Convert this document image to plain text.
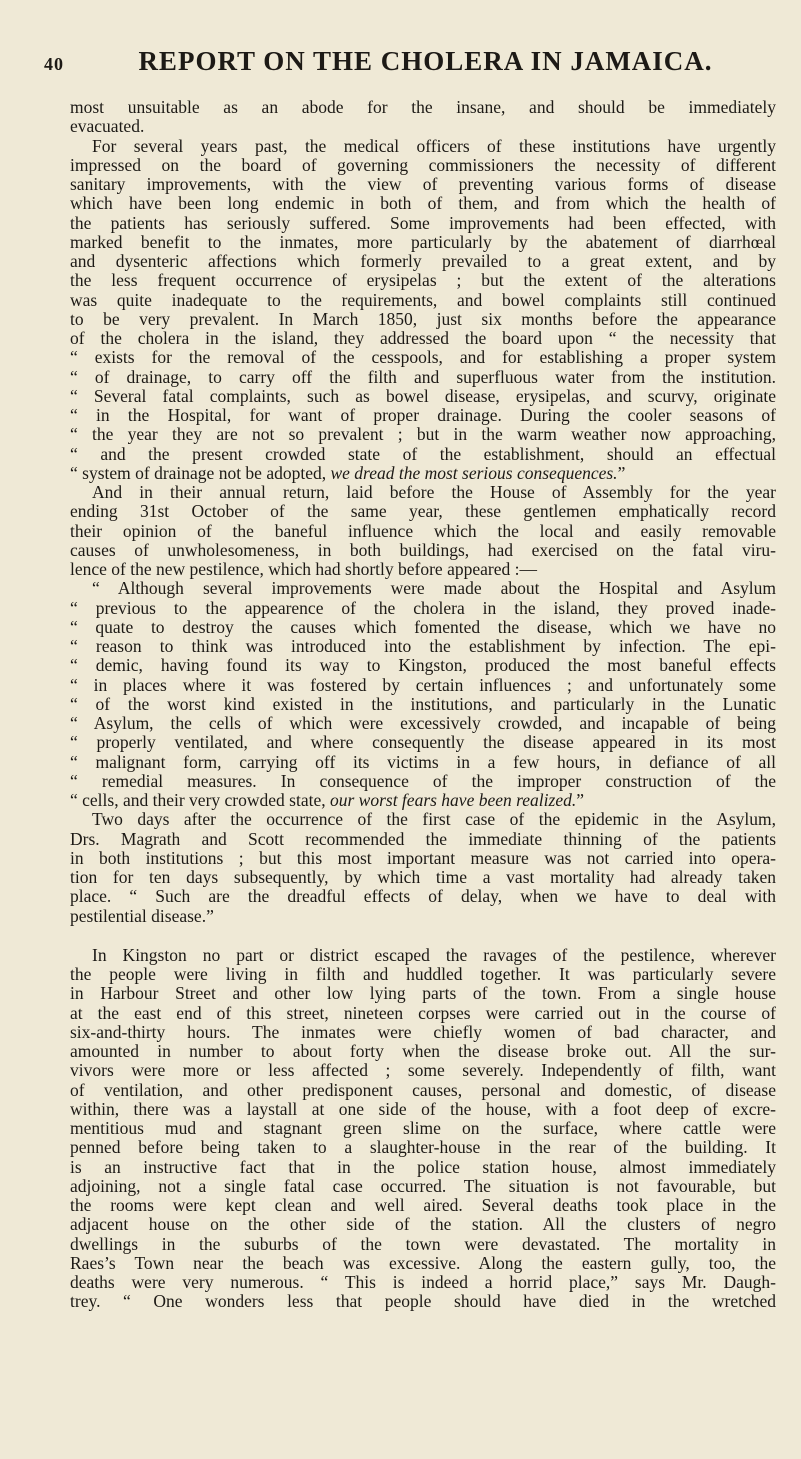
40	REPORT ON THE CHOLERA IN JAMAICA.
most unsuitable as an abode for the insane, and should be immediately
evacuated.
For several years past, the medical officers of these institutions have urgently
impressed on the board of governing commissioners the necessity of different
sanitary improvements, with the view of preventing various forms of disease
which have been long endemic in both of them, and from which the health of
the patients has seriously suffered. Some improvements had been effected, with
marked benefit to the inmates, more particularly by the abatement of diarrhœal
and dysenteric affections which formerly prevailed to a great extent, and by
the less frequent occurrence of erysipelas ; but the extent of the alterations
was quite inadequate to the requirements, and bowel complaints still continued
to be very prevalent. In March 1850, just six months before the appearance
of the cholera in the island, they addressed the board upon “ the necessity that
“ exists for the removal of the cesspools, and for establishing a proper system
“ of drainage, to carry off the filth and superfluous water from the institution.
“ Several fatal complaints, such as bowel disease, erysipelas, and scurvy, originate
“ in the Hospital, for want of proper drainage. During the cooler seasons of
“ the year they are not so prevalent ; but in the warm weather now approaching,
“ and the present crowded state of the establishment, should an effectual
“ system of drainage not be adopted, we dread the most serious consequences.”
And in their annual return, laid before the House of Assembly for the year
ending 31st October of the same year, these gentlemen emphatically record
their opinion of the baneful influence which the local and easily removable
causes of unwholesomeness, in both buildings, had exercised on the fatal viru-
lence of the new pestilence, which had shortly before appeared :—
“ Although several improvements were made about the Hospital and Asylum
“ previous to the appearence of the cholera in the island, they proved inade-
“ quate to destroy the causes which fomented the disease, which we have no
“ reason to think was introduced into the establishment by infection. The epi-
“ demic, having found its way to Kingston, produced the most baneful effects
“ in places where it was fostered by certain influences ; and unfortunately some
“ of the worst kind existed in the institutions, and particularly in the Lunatic
“ Asylum, the cells of which were excessively crowded, and incapable of being
“ properly ventilated, and where consequently the disease appeared in its most
“ malignant form, carrying off its victims in a few hours, in defiance of all
“ remedial measures. In consequence of the improper construction of the
“ cells, and their very crowded state, our worst fears have been realized.”
Two days after the occurrence of the first case of the epidemic in the Asylum,
Drs. Magrath and Scott recommended the immediate thinning of the patients
in both institutions ; but this most important measure was not carried into opera-
tion for ten days subsequently, by which time a vast mortality had already taken
place. “ Such are the dreadful effects of delay, when we have to deal with
pestilential disease.”
In Kingston no part or district escaped the ravages of the pestilence, wherever
the people were living in filth and huddled together. It was particularly severe
in Harbour Street and other low lying parts of the town. From a single house
at the east end of this street, nineteen corpses were carried out in the course of
six-and-thirty hours. The inmates were chiefly women of bad character, and
amounted in number to about forty when the disease broke out. All the sur-
vivors were more or less affected ; some severely. Independently of filth, want
of ventilation, and other predisponent causes, personal and domestic, of disease
within, there was a laystall at one side of the house, with a foot deep of excre-
mentitious mud and stagnant green slime on the surface, where cattle were
penned before being taken to a slaughter-house in the rear of the building. It
is an instructive fact that in the police station house, almost immediately
adjoining, not a single fatal case occurred. The situation is not favourable, but
the rooms were kept clean and well aired. Several deaths took place in the
adjacent house on the other side of the station. All the clusters of negro
dwellings in the suburbs of the town were devastated. The mortality in
Raes’s Town near the beach was excessive. Along the eastern gully, too, the
deaths were very numerous. “ This is indeed a horrid place,” says Mr. Daugh-
trey. “ One wonders less that people should have died in the wretched
